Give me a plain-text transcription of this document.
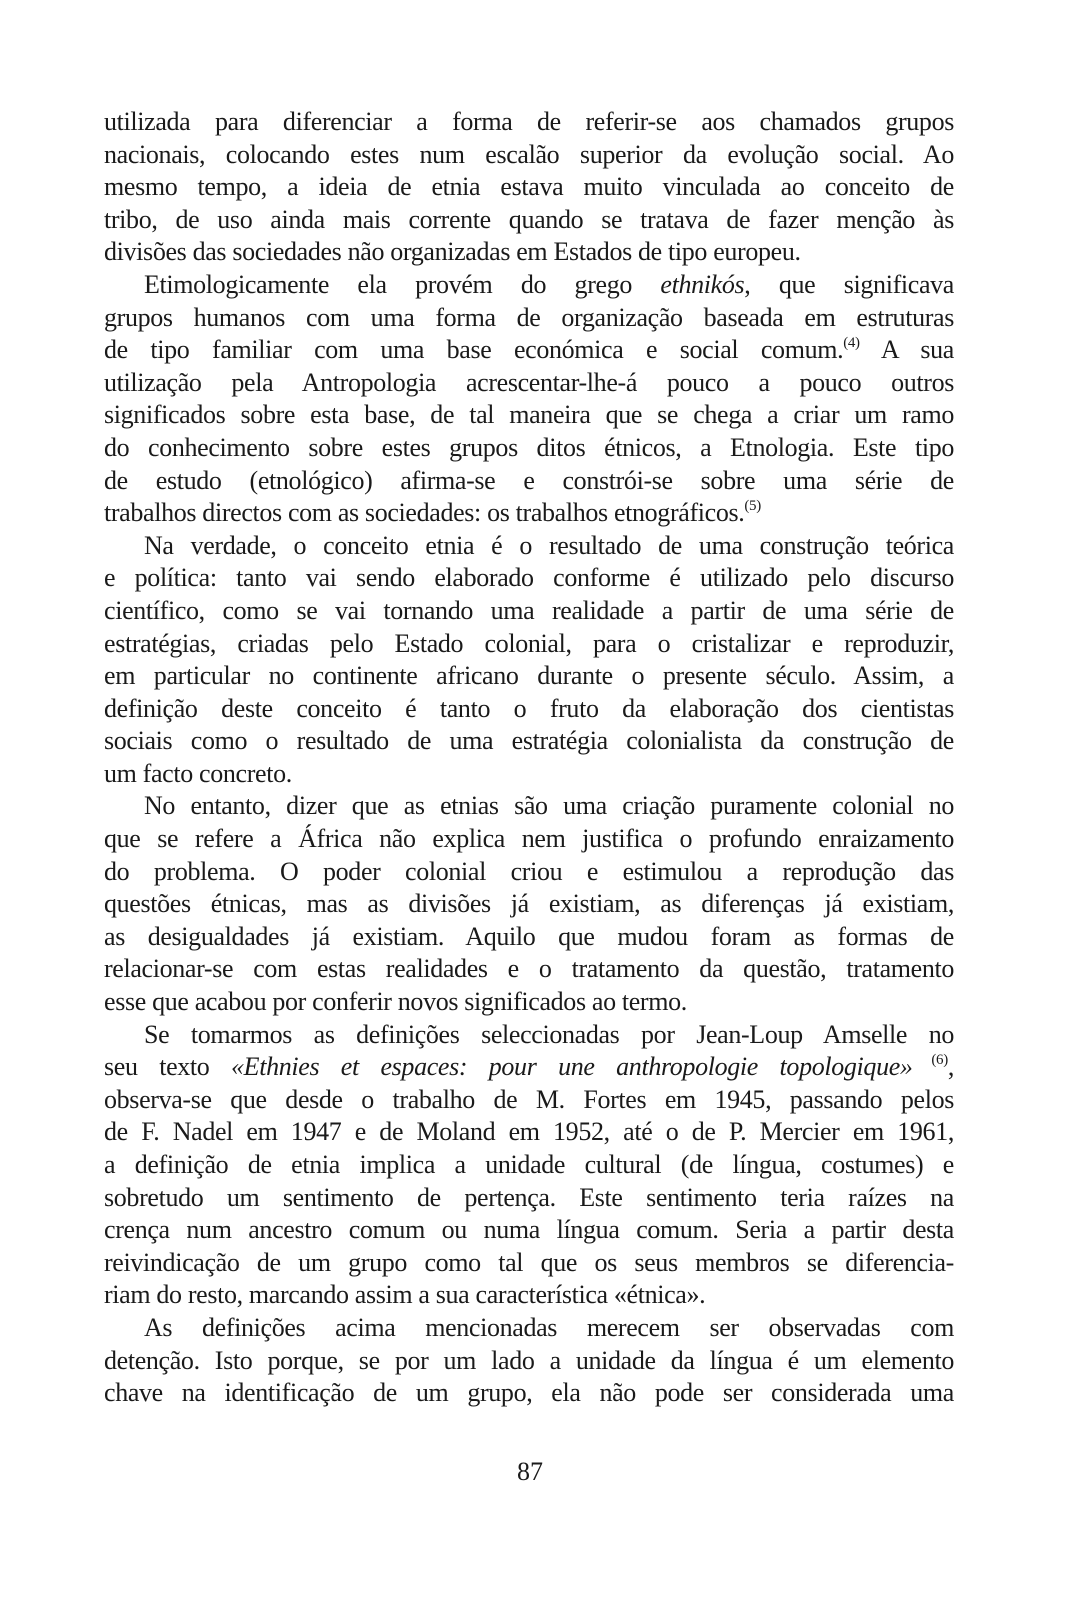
utilizada para diferenciar a forma de referir-se aos chamados grupos
nacionais, colocando estes num escalão superior da evolução social. Ao
mesmo tempo, a ideia de etnia estava muito vinculada ao conceito de
tribo, de uso ainda mais corrente quando se tratava de fazer menção às
divisões das sociedades não organizadas em Estados de tipo europeu.
Etimologicamente ela provém do grego ethnikós, que significava
grupos humanos com uma forma de organização baseada em estruturas
de tipo familiar com uma base económica e social comum.$^{(4)}$ A sua
utilização pela Antropologia acrescentar-lhe-á pouco a pouco outros
significados sobre esta base, de tal maneira que se chega a criar um ramo
do conhecimento sobre estes grupos ditos étnicos, a Etnologia. Este tipo
de estudo (etnológico) afirma-se e constrói-se sobre uma série de
trabalhos directos com as sociedades: os trabalhos etnográficos.$^{(5)}$
Na verdade, o conceito etnia é o resultado de uma construção teórica
e política: tanto vai sendo elaborado conforme é utilizado pelo discurso
científico, como se vai tornando uma realidade a partir de uma série de
estratégias, criadas pelo Estado colonial, para o cristalizar e reproduzir,
em particular no continente africano durante o presente século. Assim, a
definição deste conceito é tanto o fruto da elaboração dos cientistas
sociais como o resultado de uma estratégia colonialista da construção de
um facto concreto.
No entanto, dizer que as etnias são uma criação puramente colonial no
que se refere a África não explica nem justifica o profundo enraizamento
do problema. O poder colonial criou e estimulou a reprodução das
questões étnicas, mas as divisões já existiam, as diferenças já existiam,
as desigualdades já existiam. Aquilo que mudou foram as formas de
relacionar-se com estas realidades e o tratamento da questão, tratamento
esse que acabou por conferir novos significados ao termo.
Se tomarmos as definições seleccionadas por Jean-Loup Amselle no
seu texto «Ethnies et espaces: pour une anthropologie topologique» $^{(6)}$,
observa-se que desde o trabalho de M. Fortes em 1945, passando pelos
de F. Nadel em 1947 e de Moland em 1952, até o de P. Mercier em 1961,
a definição de etnia implica a unidade cultural (de língua, costumes) e
sobretudo um sentimento de pertença. Este sentimento teria raízes na
crença num ancestro comum ou numa língua comum. Seria a partir desta
reivindicação de um grupo como tal que os seus membros se diferencia-
riam do resto, marcando assim a sua característica «étnica».
As definições acima mencionadas merecem ser observadas com
detenção. Isto porque, se por um lado a unidade da língua é um elemento
chave na identificação de um grupo, ela não pode ser considerada uma
87
